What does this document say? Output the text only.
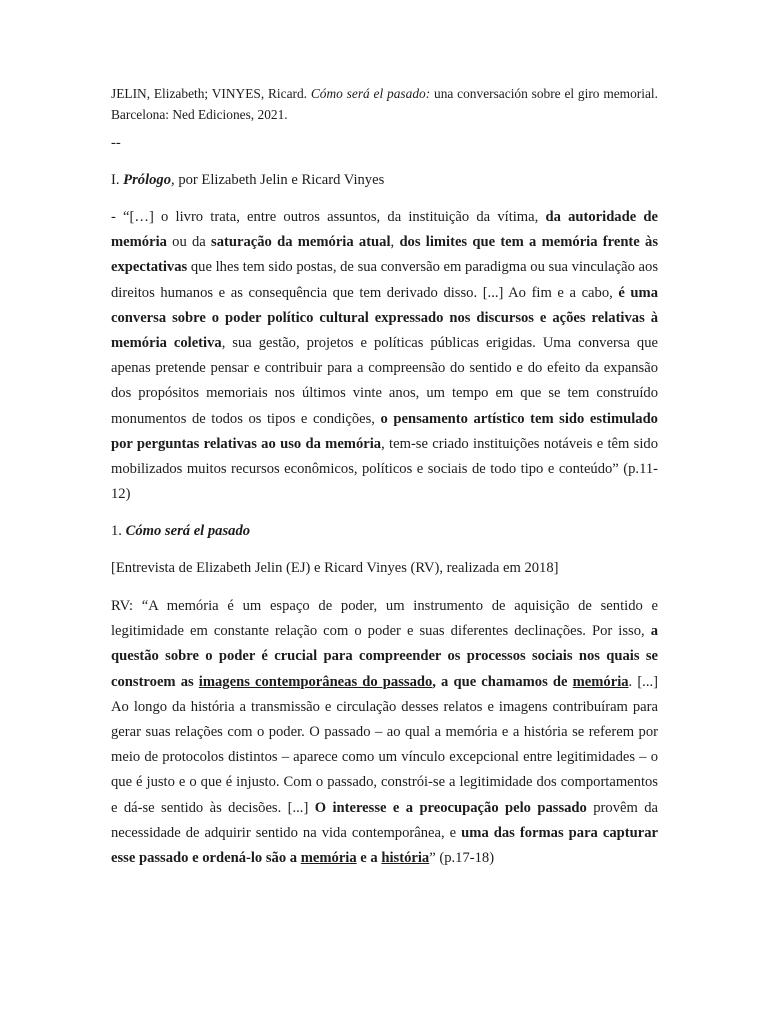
JELIN, Elizabeth; VINYES, Ricard. Cómo será el pasado: una conversación sobre el giro memorial. Barcelona: Ned Ediciones, 2021.

--

I. Prólogo, por Elizabeth Jelin e Ricard Vinyes

- “[…] o livro trata, entre outros assuntos, da instituição da vítima, da autoridade de memória ou da saturação da memória atual, dos limites que tem a memória frente às expectativas que lhes tem sido postas, de sua conversão em paradigma ou sua vinculação aos direitos humanos e as consequência que tem derivado disso. [...] Ao fim e a cabo, é uma conversa sobre o poder político cultural expressado nos discursos e ações relativas à memória coletiva, sua gestão, projetos e políticas públicas erigidas. Uma conversa que apenas pretende pensar e contribuir para a compreensão do sentido e do efeito da expansão dos propósitos memoriais nos últimos vinte anos, um tempo em que se tem construído monumentos de todos os tipos e condições, o pensamento artístico tem sido estimulado por perguntas relativas ao uso da memória, tem-se criado instituições notáveis e têm sido mobilizados muitos recursos econômicos, políticos e sociais de todo tipo e conteúdo” (p.11-12)

1. Cómo será el pasado

[Entrevista de Elizabeth Jelin (EJ) e Ricard Vinyes (RV), realizada em 2018]

RV: “A memória é um espaço de poder, um instrumento de aquisição de sentido e legitimidade em constante relação com o poder e suas diferentes declinações. Por isso, a questão sobre o poder é crucial para compreender os processos sociais nos quais se constroem as imagens contemporâneas do passado, a que chamamos de memória. [...] Ao longo da história a transmissão e circulação desses relatos e imagens contribuíram para gerar suas relações com o poder. O passado – ao qual a memória e a história se referem por meio de protocolos distintos – aparece como um vínculo excepcional entre legitimidades – o que é justo e o que é injusto. Com o passado, constrói-se a legitimidade dos comportamentos e dá-se sentido às decisões. [...] O interesse e a preocupação pelo passado provêm da necessidade de adquirir sentido na vida contemporânea, e uma das formas para capturar esse passado e ordená-lo são a memória e a história” (p.17-18)
